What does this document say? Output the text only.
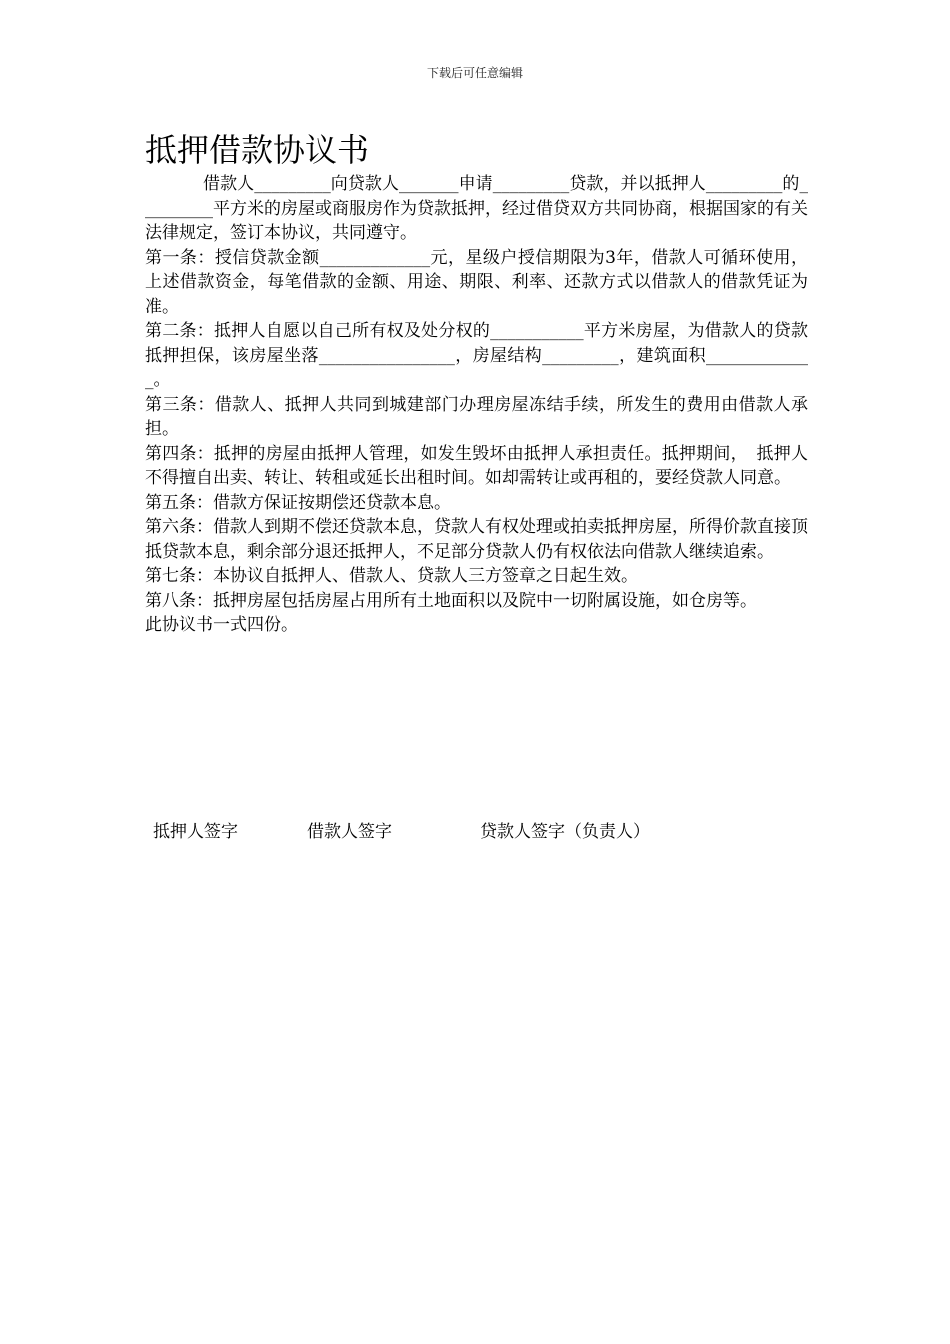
下载后可任意编辑
抵押借款协议书

借款人_________向贷款人_______申请_________贷款，并以抵押人_________的_________平方米的房屋或商服房作为贷款抵押，经过借贷双方共同协商，根据国家的有关法律规定，签订本协议，共同遵守。

第一条：授信贷款金额_____________元，星级户授信期限为3年，借款人可循环使用，上述借款资金，每笔借款的金额、用途、期限、利率、还款方式以借款人的借款凭证为准。

第二条：抵押人自愿以自己所有权及处分权的___________平方米房屋，为借款人的贷款抵押担保，该房屋坐落________________，房屋结构_________，建筑面积_____________。

第三条：借款人、抵押人共同到城建部门办理房屋冻结手续，所发生的费用由借款人承担。

第四条：抵押的房屋由抵押人管理，如发生毁坏由抵押人承担责任。抵押期间，　抵押人不得擅自出卖、转让、转租或延长出租时间。如却需转让或再租的，要经贷款人同意。

第五条：借款方保证按期偿还贷款本息。

第六条：借款人到期不偿还贷款本息，贷款人有权处理或拍卖抵押房屋，所得价款直接顶抵贷款本息，剩余部分退还抵押人，不足部分贷款人仍有权依法向借款人继续追索。

第七条：本协议自抵押人、借款人、贷款人三方签章之日起生效。

第八条：抵押房屋包括房屋占用所有土地面积以及院中一切附属设施，如仓房等。

此协议书一式四份。

抵押人签字	借款人签字	贷款人签字（负责人）
